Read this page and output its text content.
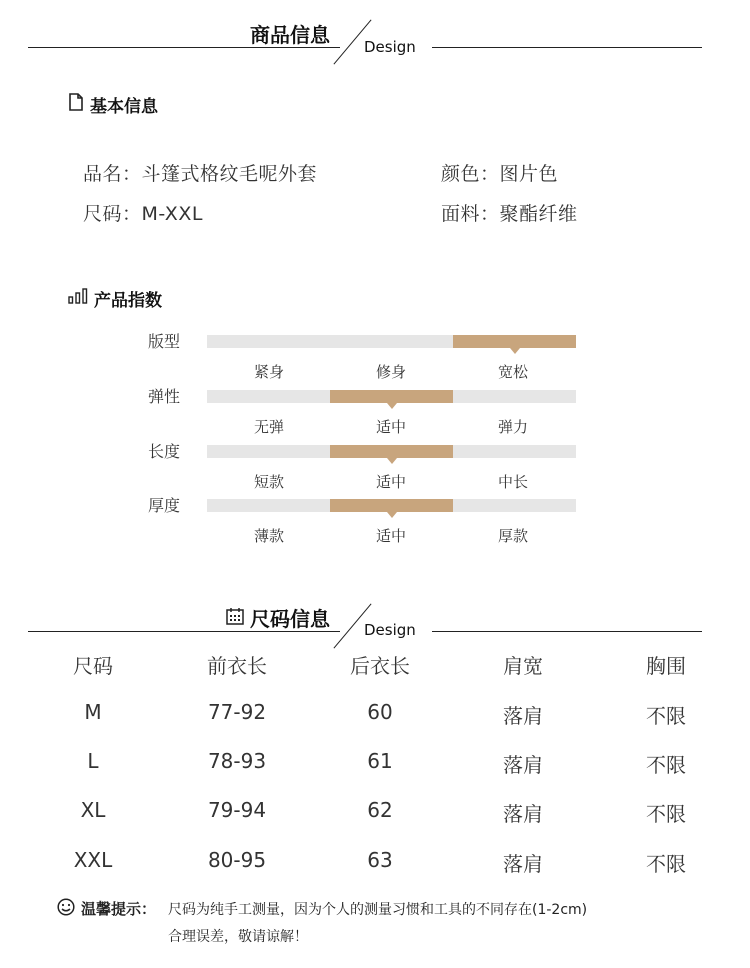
商品信息 Design
基本信息
品名：斗篷式格纹毛呢外套	颜色：图片色
尺码：M-XXL	面料：聚酯纤维
产品指数
版型
紧身	修身	宽松
弹性
无弹	适中	弹力
长度
短款	适中	中长
厚度
薄款	适中	厚款
尺码信息 Design
尺码	前衣长	后衣长	肩宽	胸围
M	77-92	60	落肩	不限
L	78-93	61	落肩	不限
XL	79-94	62	落肩	不限
XXL	80-95	63	落肩	不限
温馨提示： 尺码为纯手工测量，因为个人的测量习惯和工具的不同存在(1-2cm)
合理误差，敬请谅解！
